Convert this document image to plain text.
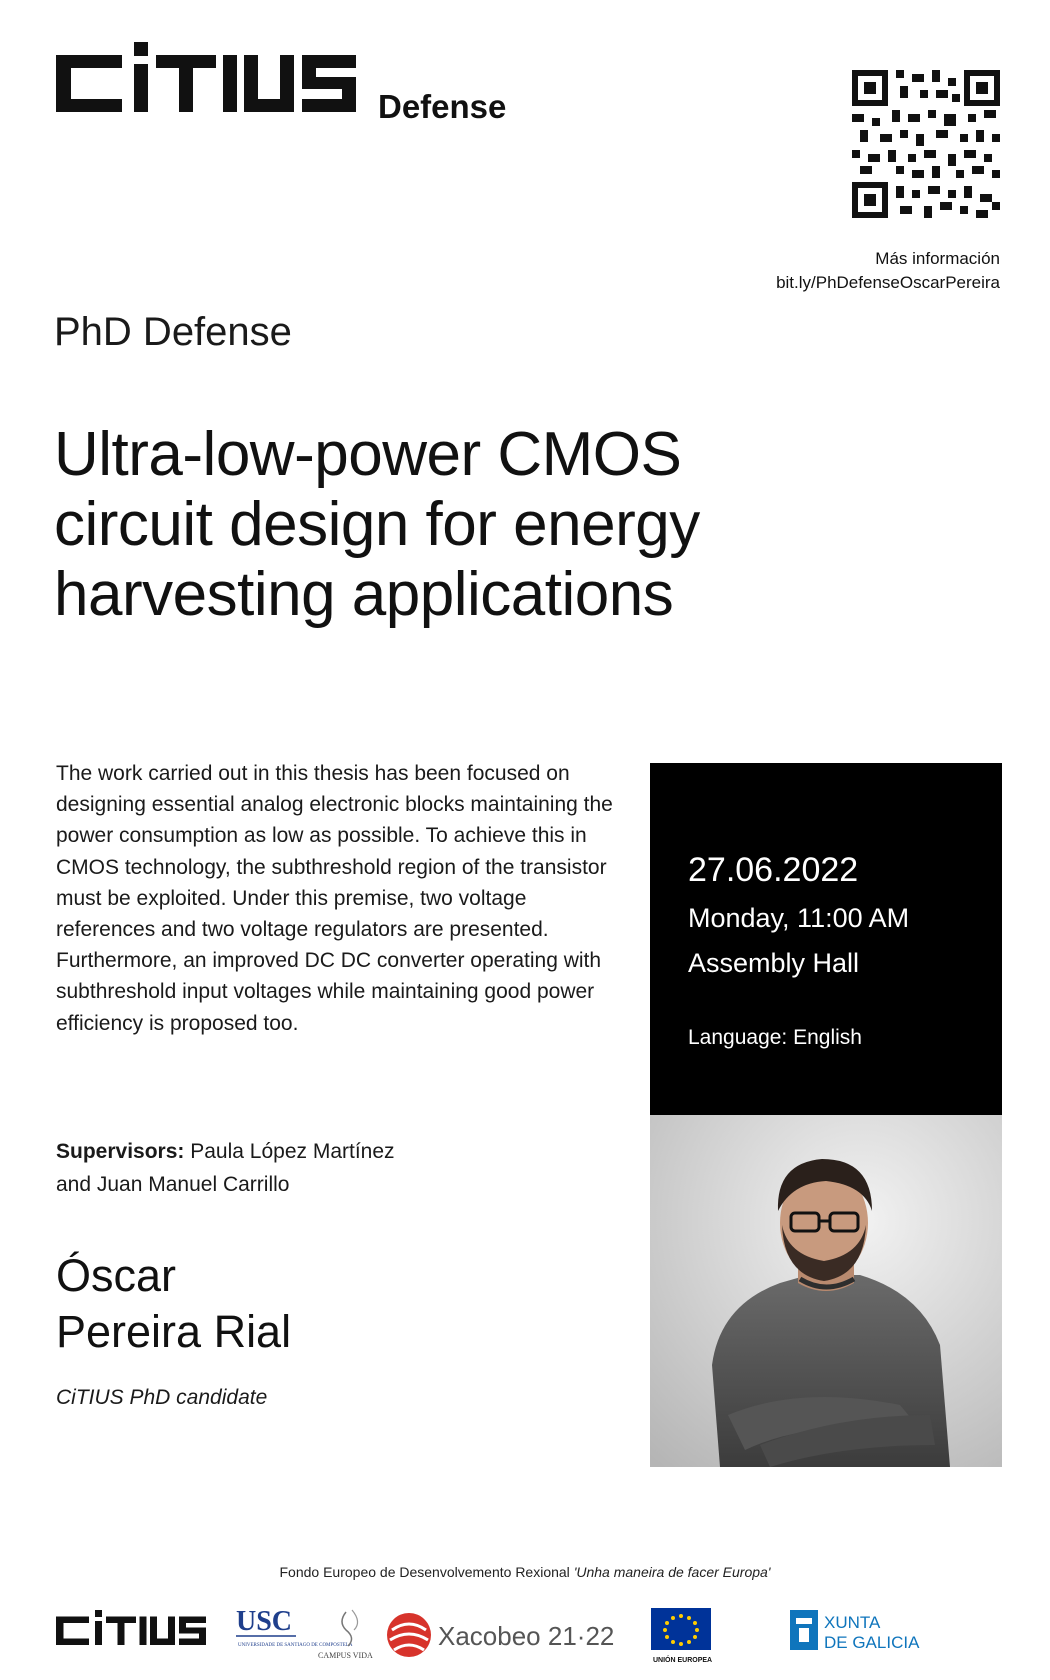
Defense
Más información
bit.ly/PhDefenseOscarPereira
PhD Defense
Ultra-low-power CMOS circuit design for energy harvesting applications
The work carried out in this thesis has been focused on designing essential analog electronic blocks maintaining the power consumption as low as possible. To achieve this in CMOS technology, the subthreshold region of the transistor must be exploited. Under this premise, two voltage references and two voltage regulators are presented. Furthermore, an improved DC DC converter operating with subthreshold input voltages while maintaining good power efficiency is proposed too.
Supervisors: Paula López Martínez
and Juan Manuel Carrillo
Óscar
Pereira Rial
CiTIUS PhD candidate
27.06.2022
Monday, 11:00 AM
Assembly Hall
Language: English
Fondo Europeo de Desenvolvemento Rexional 'Unha maneira de facer Europa'
USC
UNIVERSIDADE DE SANTIAGO DE COMPOSTELA
CAMPUS VIDA
Xacobeo 21·22
UNIÓN EUROPEA
XUNTA
DE GALICIA
